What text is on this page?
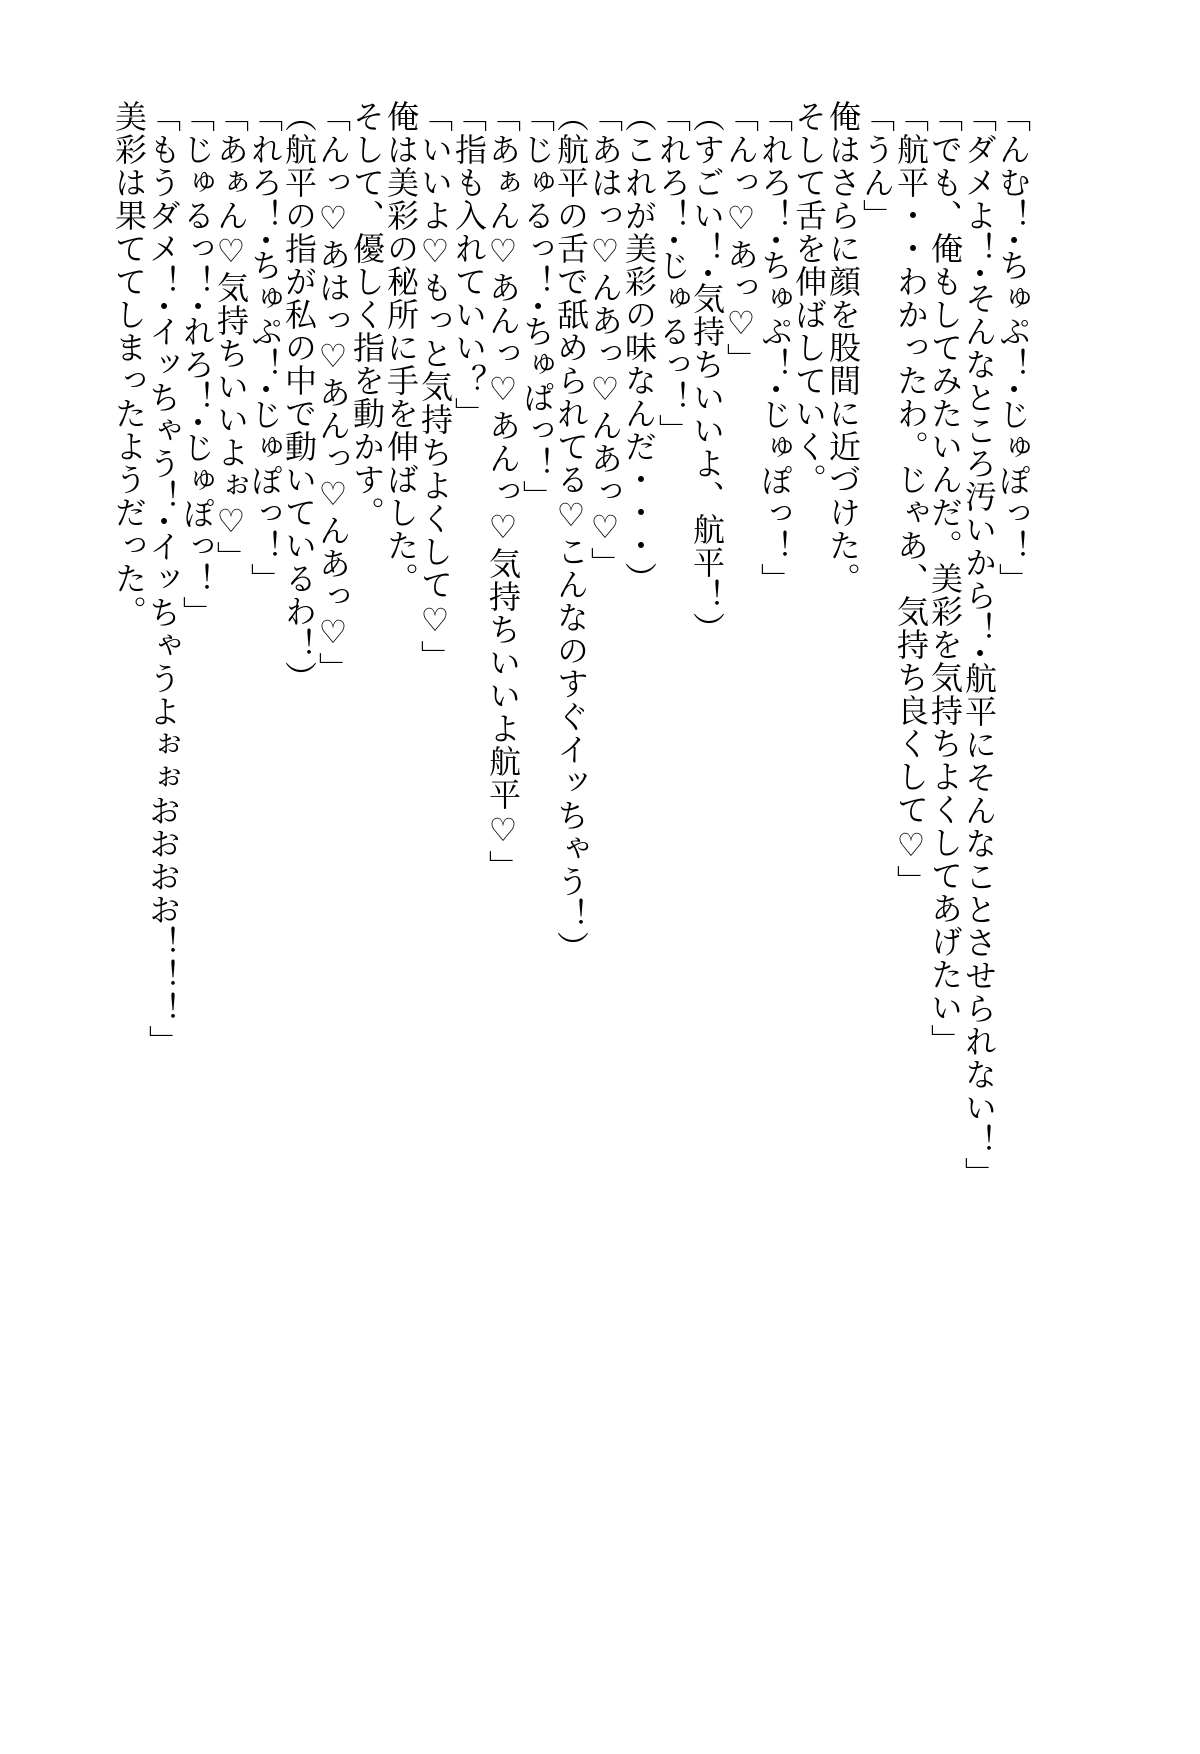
「んむ！･ちゅぷ！･じゅぽっ！」
「ダメよ！･そんなところ汚いから！･航平にそんなことさせられない！」
「でも、俺もしてみたいんだ。美彩を気持ちよくしてあげたい」
「航平・・わかったわ。じゃあ、気持ち良くして♡」
「うん」
俺はさらに顔を股間に近づけた。
そして舌を伸ばしていく。
「れろ！･ちゅぷ！･じゅぽっ！」
「んっ♡あっ♡」
（すごい！･気持ちいいよ、航平！）
「れろ！･じゅるっ！」
（これが美彩の味なんだ・・・）
「あはっ♡んあっ♡んあっ♡」
（航平の舌で舐められてる♡こんなのすぐイッちゃう！）
「じゅるっ！･ちゅぱっ！」
「あぁん♡あんっ♡あんっ♡気持ちいいよ航平♡」
「指も入れていい？」
「いいよ♡もっと気持ちよくして♡」
俺は美彩の秘所に手を伸ばした。
そして、優しく指を動かす。
「んっ♡あはっ♡あんっ♡んあっ♡」
（航平の指が私の中で動いているわ！）
「れろ！･ちゅぷ！･じゅぽっ！」
「あぁん♡気持ちいいよぉ♡」
「じゅるっ！･れろ！･じゅぽっ！」
「もうダメ！･イッちゃう！･イッちゃうよぉぉおおおお！！！」
美彩は果ててしまったようだった。
